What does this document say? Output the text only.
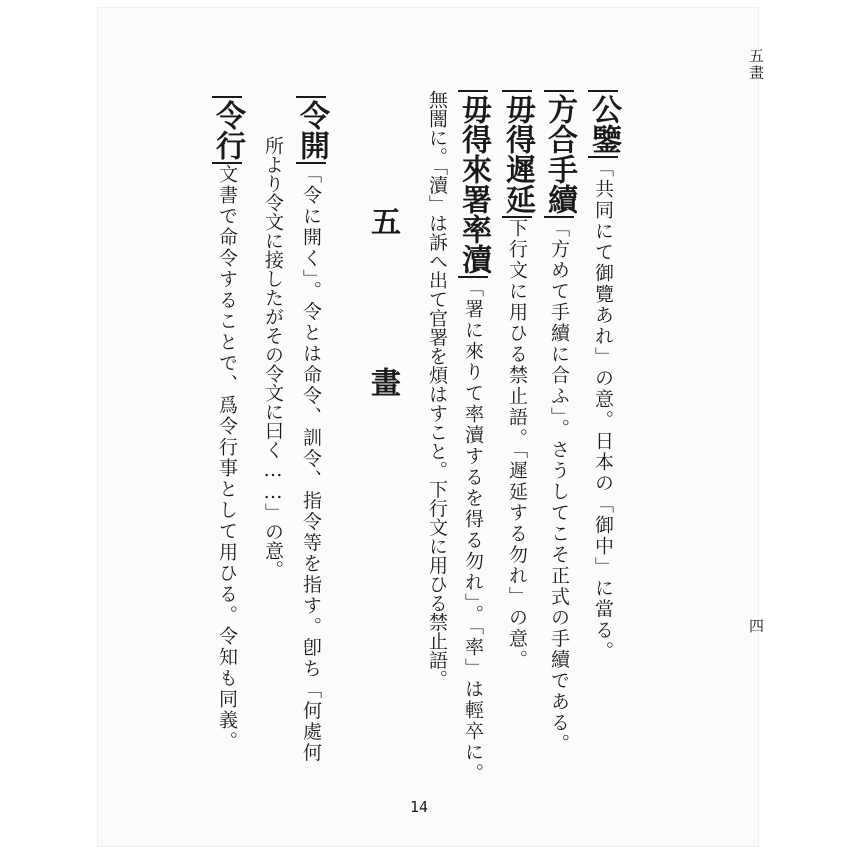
五畫
四
公鑒「共同にて御覽あれ」の意。日本の「御中」に當る。
方合手續「方めて手續に合ふ」。さうしてこそ正式の手續である。
毋得遲延下行文に用ひる禁止語。「遲延する勿れ」の意。
毋得來署率瀆「署に來りて率瀆するを得る勿れ」。「率」は輕卒に。
無闇に。「瀆」は訴へ出て官署を煩はすこと。下行文に用ひる禁止語。
五 畫
令開「令に開く」。令とは命令、訓令、指令等を指す。卽ち「何處何
所より令文に接したがその令文に曰く……」の意。
令行文書で命令することで、爲令行事として用ひる。令知も同義。
14
